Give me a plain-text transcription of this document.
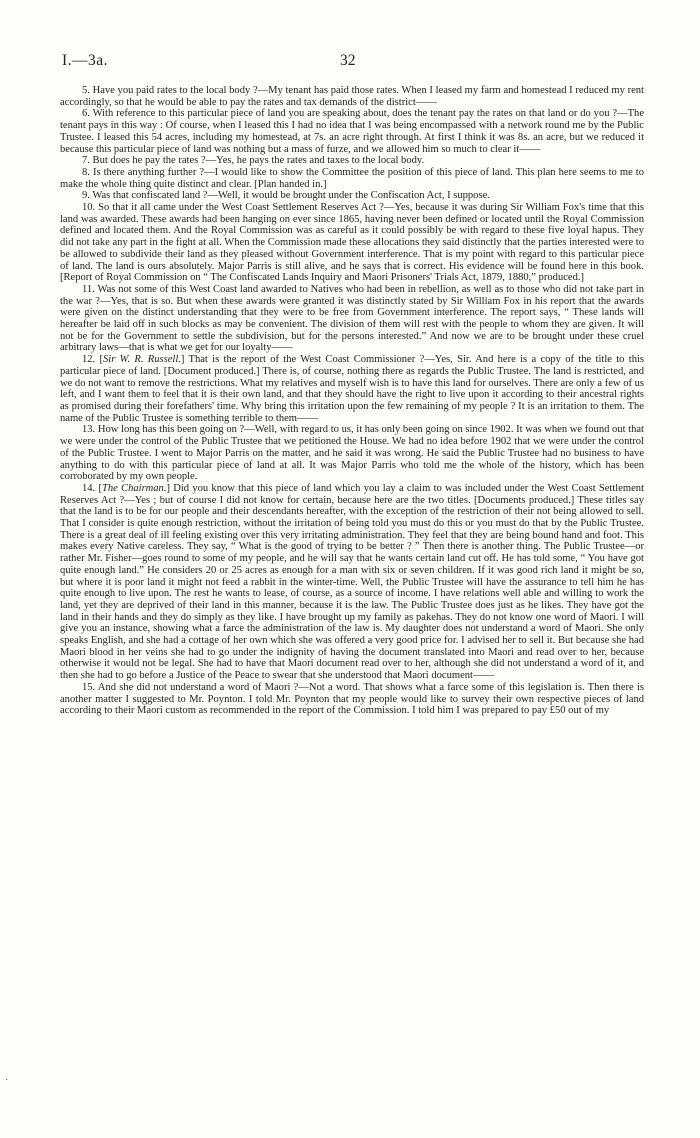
I.—3a.	32

5. Have you paid rates to the local body ?—My tenant has paid those rates. When I leased my farm and homestead I reduced my rent accordingly, so that he would be able to pay the rates and tax demands of the district——

6. With reference to this particular piece of land you are speaking about, does the tenant pay the rates on that land or do you ?—The tenant pays in this way : Of course, when I leased this I had no idea that I was being encompassed with a network round me by the Public Trustee. I leased this 54 acres, including my homestead, at 7s. an acre right through. At first I think it was 8s. an acre, but we reduced it because this particular piece of land was nothing but a mass of furze, and we allowed him so much to clear it——

7. But does he pay the rates ?—Yes, he pays the rates and taxes to the local body.

8. Is there anything further ?—I would like to show the Committee the position of this piece of land. This plan here seems to me to make the whole thing quite distinct and clear. [Plan handed in.]

9. Was that confiscated land ?—Well, it would be brought under the Confiscation Act, I suppose.

10. So that it all came under the West Coast Settlement Reserves Act ?—Yes, because it was during Sir William Fox's time that this land was awarded. These awards had been hanging on ever since 1865, having never been defined or located until the Royal Commission defined and located them. And the Royal Commission was as careful as it could possibly be with regard to these five loyal hapus. They did not take any part in the fight at all. When the Commission made these allocations they said distinctly that the parties interested were to be allowed to subdivide their land as they pleased without Government interference. That is my point with regard to this particular piece of land. The land is ours absolutely. Major Parris is still alive, and he says that is correct. His evidence will be found here in this book. [Report of Royal Commission on “ The Confiscated Lands Inquiry and Maori Prisoners' Trials Act, 1879, 1880,” produced.]

11. Was not some of this West Coast land awarded to Natives who had been in rebellion, as well as to those who did not take part in the war ?—Yes, that is so. But when these awards were granted it was distinctly stated by Sir William Fox in his report that the awards were given on the distinct understanding that they were to be free from Government interference. The report says, “ These lands will hereafter be laid off in such blocks as may be convenient. The division of them will rest with the people to whom they are given. It will not be for the Government to settle the subdivision, but for the persons interested.” And now we are to be brought under these cruel arbitrary laws—that is what we get for our loyalty——

12. [Sir W. R. Russell.] That is the report of the West Coast Commissioner ?—Yes, Sir. And here is a copy of the title to this particular piece of land. [Document produced.] There is, of course, nothing there as regards the Public Trustee. The land is restricted, and we do not want to remove the restrictions. What my relatives and myself wish is to have this land for ourselves. There are only a few of us left, and I want them to feel that it is their own land, and that they should have the right to live upon it according to their ancestral rights as promised during their forefathers' time. Why bring this irritation upon the few remaining of my people ? It is an irritation to them. The name of the Public Trustee is something terrible to them——

13. How long has this been going on ?—Well, with regard to us, it has only been going on since 1902. It was when we found out that we were under the control of the Public Trustee that we petitioned the House. We had no idea before 1902 that we were under the control of the Public Trustee. I went to Major Parris on the matter, and he said it was wrong. He said the Public Trustee had no business to have anything to do with this particular piece of land at all. It was Major Parris who told me the whole of the history, which has been corroborated by my own people.

14. [The Chairman.] Did you know that this piece of land which you lay a claim to was included under the West Coast Settlement Reserves Act ?—Yes ; but of course I did not know for certain, because here are the two titles. [Documents produced.] These titles say that the land is to be for our people and their descendants hereafter, with the exception of the restriction of their not being allowed to sell. That I consider is quite enough restriction, without the irritation of being told you must do this or you must do that by the Public Trustee. There is a great deal of ill feeling existing over this very irritating administration. They feel that they are being bound hand and foot. This makes every Native careless. They say, “ What is the good of trying to be better ? ” Then there is another thing. The Public Trustee—or rather Mr. Fisher—goes round to some of my people, and he will say that he wants certain land cut off. He has told some, “ You have got quite enough land.” He considers 20 or 25 acres as enough for a man with six or seven children. If it was good rich land it might be so, but where it is poor land it might not feed a rabbit in the winter-time. Well, the Public Trustee will have the assurance to tell him he has quite enough to live upon. The rest he wants to lease, of course, as a source of income. I have relations well able and willing to work the land, yet they are deprived of their land in this manner, because it is the law. The Public Trustee does just as he likes. They have got the land in their hands and they do simply as they like. I have brought up my family as pakehas. They do not know one word of Maori. I will give you an instance, showing what a farce the administration of the law is. My daughter does not understand a word of Maori. She only speaks English, and she had a cottage of her own which she was offered a very good price for. I advised her to sell it. But because she had Maori blood in her veins she had to go under the indignity of having the document translated into Maori and read over to her, because otherwise it would not be legal. She had to have that Maori document read over to her, although she did not understand a word of it, and then she had to go before a Justice of the Peace to swear that she understood that Maori document——

15. And she did not understand a word of Maori ?—Not a word. That shows what a farce some of this legislation is. Then there is another matter I suggested to Mr. Poynton. I told Mr. Poynton that my people would like to survey their own respective pieces of land according to their Maori custom as recommended in the report of the Commission. I told him I was prepared to pay £50 out of my

·
